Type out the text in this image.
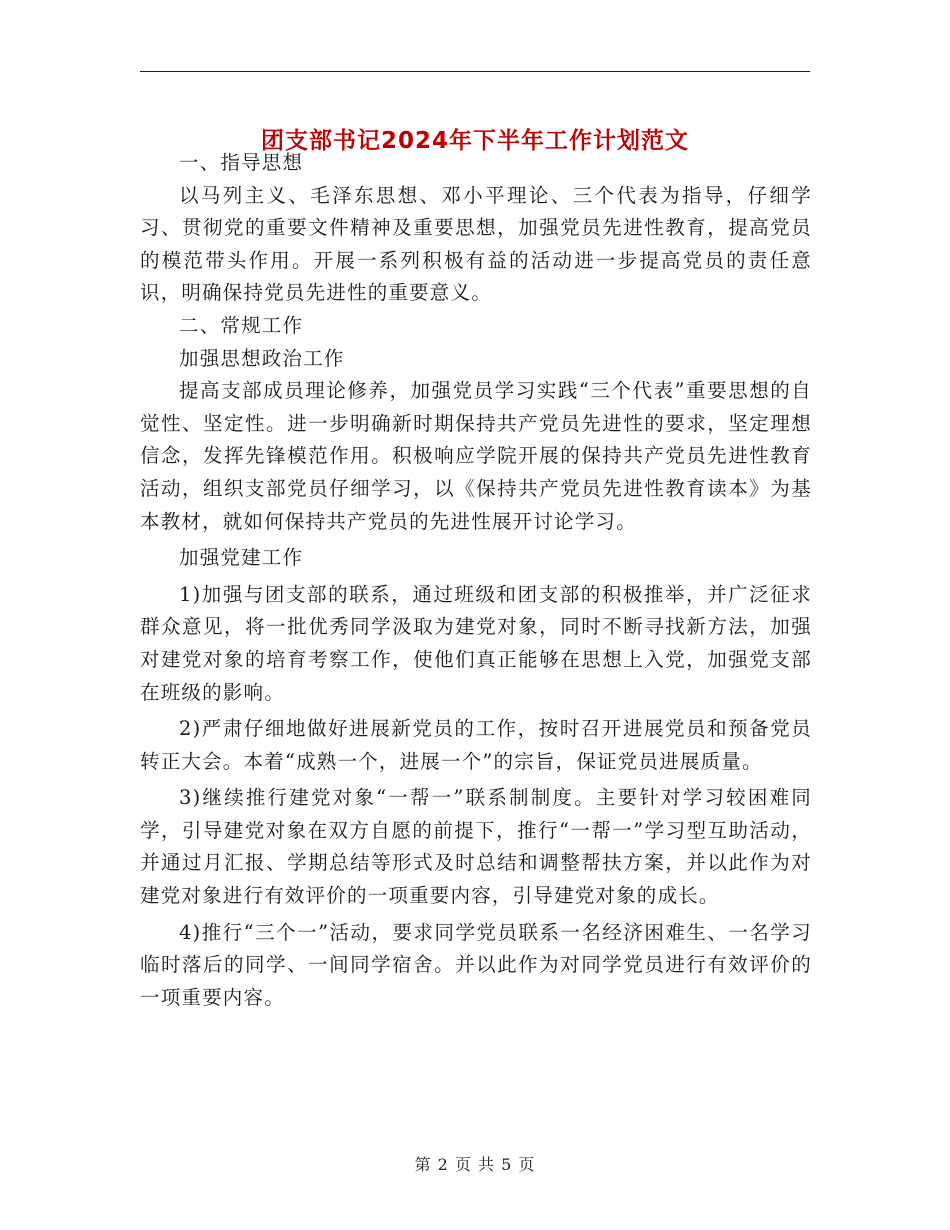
团支部书记2024年下半年工作计划范文

一、指导思想

以马列主义、毛泽东思想、邓小平理论、三个代表为指导，仔细学习、贯彻党的重要文件精神及重要思想，加强党员先进性教育，提高党员的模范带头作用。开展一系列积极有益的活动进一步提高党员的责任意识，明确保持党员先进性的重要意义。

二、常规工作

加强思想政治工作

提高支部成员理论修养，加强党员学习实践“三个代表”重要思想的自觉性、坚定性。进一步明确新时期保持共产党员先进性的要求，坚定理想信念，发挥先锋模范作用。积极响应学院开展的保持共产党员先进性教育活动，组织支部党员仔细学习，以《保持共产党员先进性教育读本》为基本教材，就如何保持共产党员的先进性展开讨论学习。

加强党建工作

1)加强与团支部的联系，通过班级和团支部的积极推举，并广泛征求群众意见，将一批优秀同学汲取为建党对象，同时不断寻找新方法，加强对建党对象的培育考察工作，使他们真正能够在思想上入党，加强党支部在班级的影响。

2)严肃仔细地做好进展新党员的工作，按时召开进展党员和预备党员转正大会。本着“成熟一个，进展一个”的宗旨，保证党员进展质量。

3)继续推行建党对象“一帮一”联系制制度。主要针对学习较困难同学，引导建党对象在双方自愿的前提下，推行“一帮一”学习型互助活动，并通过月汇报、学期总结等形式及时总结和调整帮扶方案，并以此作为对建党对象进行有效评价的一项重要内容，引导建党对象的成长。

4)推行“三个一”活动，要求同学党员联系一名经济困难生、一名学习临时落后的同学、一间同学宿舍。并以此作为对同学党员进行有效评价的一项重要内容。

第 2 页 共 5 页
